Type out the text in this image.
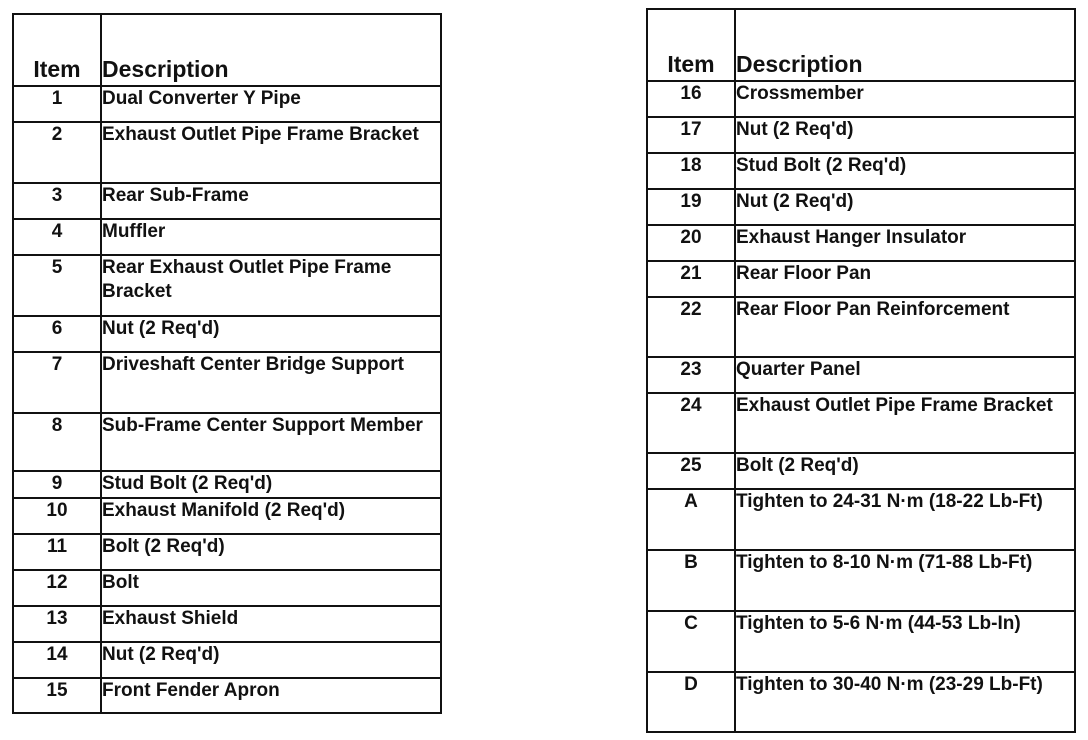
Item	Description
1	Dual Converter Y Pipe
2	Exhaust Outlet Pipe Frame Bracket
3	Rear Sub-Frame
4	Muffler
5	Rear Exhaust Outlet Pipe Frame Bracket
6	Nut (2 Req'd)
7	Driveshaft Center Bridge Support
8	Sub-Frame Center Support Member
9	Stud Bolt (2 Req'd)
10	Exhaust Manifold (2 Req'd)
11	Bolt (2 Req'd)
12	Bolt
13	Exhaust Shield
14	Nut (2 Req'd)
15	Front Fender Apron
Item	Description
16	Crossmember
17	Nut (2 Req'd)
18	Stud Bolt (2 Req'd)
19	Nut (2 Req'd)
20	Exhaust Hanger Insulator
21	Rear Floor Pan
22	Rear Floor Pan Reinforcement
23	Quarter Panel
24	Exhaust Outlet Pipe Frame Bracket
25	Bolt (2 Req'd)
A	Tighten to 24-31 N·m (18-22 Lb-Ft)
B	Tighten to 8-10 N·m (71-88 Lb-Ft)
C	Tighten to 5-6 N·m (44-53 Lb-In)
D	Tighten to 30-40 N·m (23-29 Lb-Ft)
